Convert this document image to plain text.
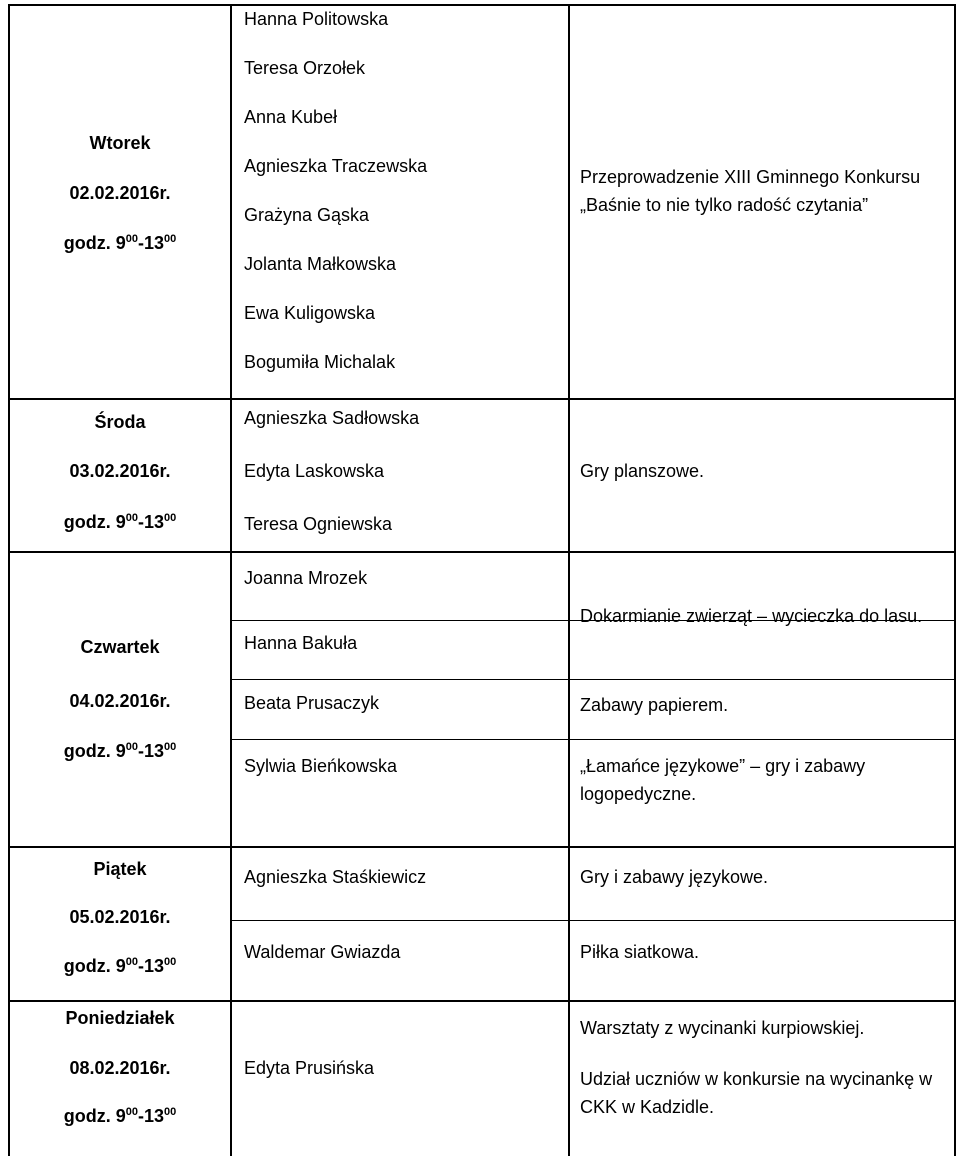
Wtorek
02.02.2016r.
godz. $9^{00}-13^{00}$
Hanna Politowska
Teresa Orzołek
Anna Kubeł
Agnieszka Traczewska
Grażyna Gąska
Jolanta Małkowska
Ewa Kuligowska
Bogumiła Michalak
Przeprowadzenie XIII Gminnego Konkursu
„Baśnie to nie tylko radość czytania”
Środa
03.02.2016r.
godz. $9^{00}-13^{00}$
Agnieszka Sadłowska
Edyta Laskowska
Teresa Ogniewska
Gry planszowe.
Czwartek
04.02.2016r.
godz. $9^{00}-13^{00}$
Joanna Mrozek
Hanna Bakuła
Beata Prusaczyk
Sylwia Bieńkowska
Dokarmianie zwierząt – wycieczka do lasu.
Zabawy papierem.
„Łamańce językowe” – gry i zabawy
logopedyczne.
Piątek
05.02.2016r.
godz. $9^{00}-13^{00}$
Agnieszka Staśkiewicz
Waldemar Gwiazda
Gry i zabawy językowe.
Piłka siatkowa.
Poniedziałek
08.02.2016r.
godz. $9^{00}-13^{00}$
Edyta Prusińska
Warsztaty z wycinanki kurpiowskiej.
Udział uczniów w konkursie na wycinankę w
CKK w Kadzidle.
